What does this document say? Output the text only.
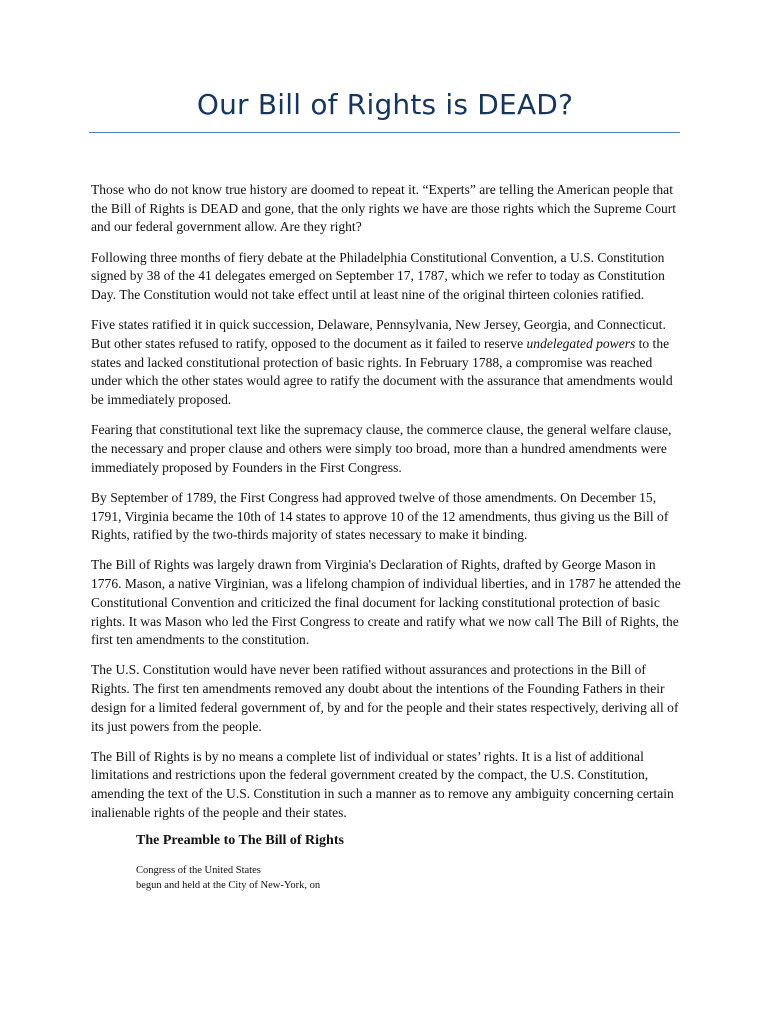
Our Bill of Rights is DEAD?

Those who do not know true history are doomed to repeat it. “Experts” are telling the American people that the Bill of Rights is DEAD and gone, that the only rights we have are those rights which the Supreme Court and our federal government allow. Are they right?

Following three months of fiery debate at the Philadelphia Constitutional Convention, a U.S. Constitution signed by 38 of the 41 delegates emerged on September 17, 1787, which we refer to today as Constitution Day. The Constitution would not take effect until at least nine of the original thirteen colonies ratified.

Five states ratified it in quick succession, Delaware, Pennsylvania, New Jersey, Georgia, and Connecticut. But other states refused to ratify, opposed to the document as it failed to reserve undelegated powers to the states and lacked constitutional protection of basic rights. In February 1788, a compromise was reached under which the other states would agree to ratify the document with the assurance that amendments would be immediately proposed.

Fearing that constitutional text like the supremacy clause, the commerce clause, the general welfare clause, the necessary and proper clause and others were simply too broad, more than a hundred amendments were immediately proposed by Founders in the First Congress.

By September of 1789, the First Congress had approved twelve of those amendments. On December 15, 1791, Virginia became the 10th of 14 states to approve 10 of the 12 amendments, thus giving us the Bill of Rights, ratified by the two-thirds majority of states necessary to make it binding.

The Bill of Rights was largely drawn from Virginia's Declaration of Rights, drafted by George Mason in 1776. Mason, a native Virginian, was a lifelong champion of individual liberties, and in 1787 he attended the Constitutional Convention and criticized the final document for lacking constitutional protection of basic rights. It was Mason who led the First Congress to create and ratify what we now call The Bill of Rights, the first ten amendments to the constitution.

The U.S. Constitution would have never been ratified without assurances and protections in the Bill of Rights. The first ten amendments removed any doubt about the intentions of the Founding Fathers in their design for a limited federal government of, by and for the people and their states respectively, deriving all of its just powers from the people.

The Bill of Rights is by no means a complete list of individual or states’ rights. It is a list of additional limitations and restrictions upon the federal government created by the compact, the U.S. Constitution, amending the text of the U.S. Constitution in such a manner as to remove any ambiguity concerning certain inalienable rights of the people and their states.

The Preamble to The Bill of Rights
Congress of the United States
begun and held at the City of New-York, on
